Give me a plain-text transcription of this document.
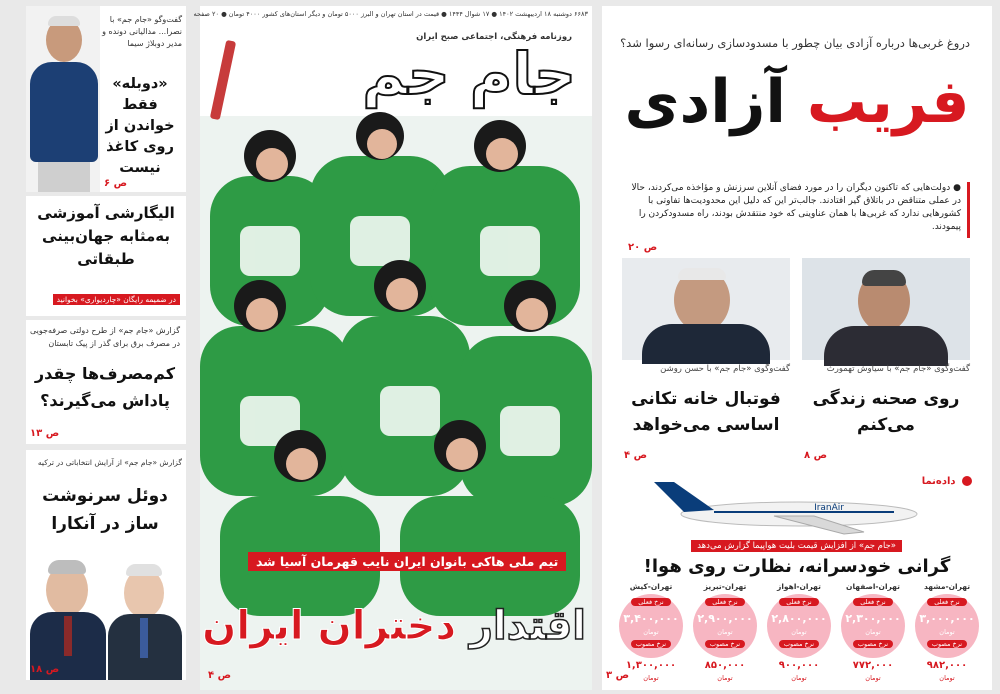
دروغ غربی‌ها درباره آزادی بیان چطور با مسدودسازی رسانه‌ای رسوا شد؟
فریب آزادی
● دولت‌هایی که تاکنون دیگران را در مورد فضای آنلاین سرزنش و مؤاخذه می‌کردند، حالا در عملی متناقض در باتلاق گیر افتادند. جالب‌تر این که دلیل این محدودیت‌ها تفاوتی با کشورهایی ندارد که غربی‌ها با همان عناوینی که خود منتقدش بودند، راه مسدودکردن را پیمودند.
ص ۲۰
گفت‌وگوی «جام جم» با سیاوش تهمورث
روی صحنه زندگی می‌کنم
ص ۸
گفت‌وگوی «جام جم» با حسن روشن
فوتبال خانه تکانی اساسی می‌خواهد
ص ۴
داده‌نما
IranAir
«جام جم» از افزایش قیمت بلیت هواپیما گزارش می‌دهد
گرانی خودسرانه، نظارت روی هوا!
تهران-مشهد
نرخ فعلی
۳,۰۰۰,۰۰۰
تومان
نرخ مصوب
۹۸۲,۰۰۰
تومان
تهران-اصفهان
نرخ فعلی
۲,۳۰۰,۰۰۰
تومان
نرخ مصوب
۷۷۲,۰۰۰
تومان
تهران-اهواز
نرخ فعلی
۲,۸۰۰,۰۰۰
تومان
نرخ مصوب
۹۰۰,۰۰۰
تومان
تهران-تبریز
نرخ فعلی
۲,۹۰۰,۰۰۰
تومان
نرخ مصوب
۸۵۰,۰۰۰
تومان
تهران-کیش
نرخ فعلی
۳,۴۰۰,۰۰۰
تومان
نرخ مصوب
۱,۳۰۰,۰۰۰
تومان
ص ۳
۶۶۸۳ دوشنبه ۱۸ اردیبهشت ۱۴۰۲ ● ۱۷ شوال ۱۴۴۴ ● قیمت در استان تهران و البرز ۵۰۰۰ تومان و دیگر استان‌های کشور ۴۰۰۰ تومان ● ۲۰ صفحه
روزنامه فرهنگی، اجتماعی صبح ایران
جام جم
تیم ملی هاکی بانوان ایران نایب قهرمان آسیا شد
اقتدار دختران ایران
ص ۴
گفت‌وگو «جام جم» با نصرا... مدالیانی دونده و مدیر دوبلاژ سیما
«دوبله» فقط خواندن از روی کاغذ نیست
ص ۶
الیگارشی آموزشی به‌مثابه جهان‌بینی طبقاتی
در ضمیمه رایگان «چاردیواری» بخوانید
گزارش «جام جم» از طرح دولتی صرفه‌جویی در مصرف برق برای گذر از پیک تابستان
کم‌مصرف‌ها چقدر پاداش می‌گیرند؟
ص ۱۳
گزارش «جام جم» از آرایش انتخاباتی در ترکیه
دوئل سرنوشت ساز در آنکارا
ص ۱۸
